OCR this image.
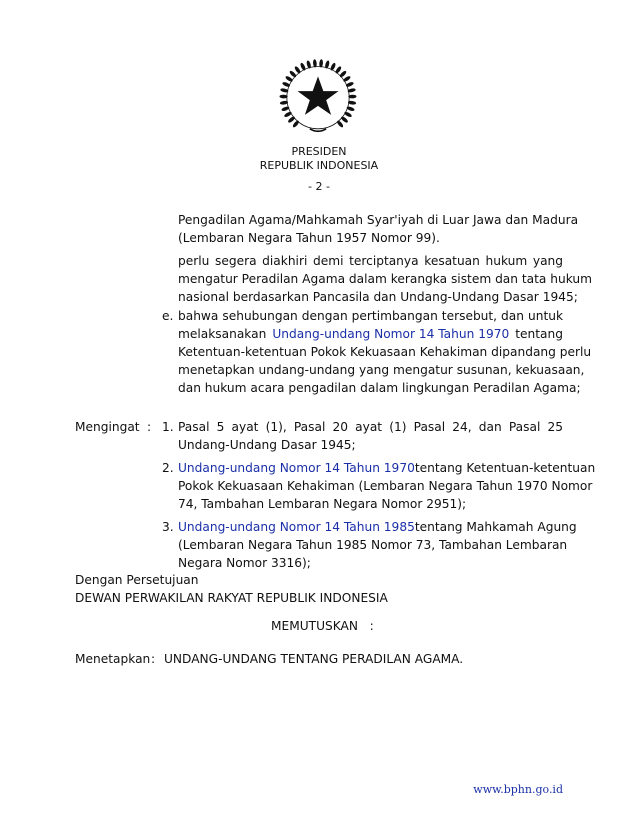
PRESIDEN
REPUBLIK INDONESIA
- 2 -
Pengadilan Agama/Mahkamah Syar'iyah di Luar Jawa dan Madura
(Lembaran Negara Tahun 1957 Nomor 99).
perlu segera diakhiri demi terciptanya kesatuan hukum yang
mengatur Peradilan Agama dalam kerangka sistem dan tata hukum
nasional berdasarkan Pancasila dan Undang-Undang Dasar 1945;
e. bahwa sehubungan dengan pertimbangan tersebut, dan untuk
melaksanakan Undang-undang Nomor 14 Tahun 1970 tentang
Ketentuan-ketentuan Pokok Kekuasaan Kehakiman dipandang perlu
menetapkan undang-undang yang mengatur susunan, kekuasaan,
dan hukum acara pengadilan dalam lingkungan Peradilan Agama;
Mengingat : 1. Pasal 5 ayat (1), Pasal 20 ayat (1) Pasal 24, dan Pasal 25
Undang-Undang Dasar 1945;
2. Undang-undang Nomor 14 Tahun 1970 tentang Ketentuan-ketentuan
Pokok Kekuasaan Kehakiman (Lembaran Negara Tahun 1970 Nomor
74, Tambahan Lembaran Negara Nomor 2951);
3. Undang-undang Nomor 14 Tahun 1985 tentang Mahkamah Agung
(Lembaran Negara Tahun 1985 Nomor 73, Tambahan Lembaran
Negara Nomor 3316);
Dengan Persetujuan
DEWAN PERWAKILAN RAKYAT REPUBLIK INDONESIA
MEMUTUSKAN   :
Menetapkan : UNDANG-UNDANG TENTANG PERADILAN AGAMA.
www.bphn.go.id
